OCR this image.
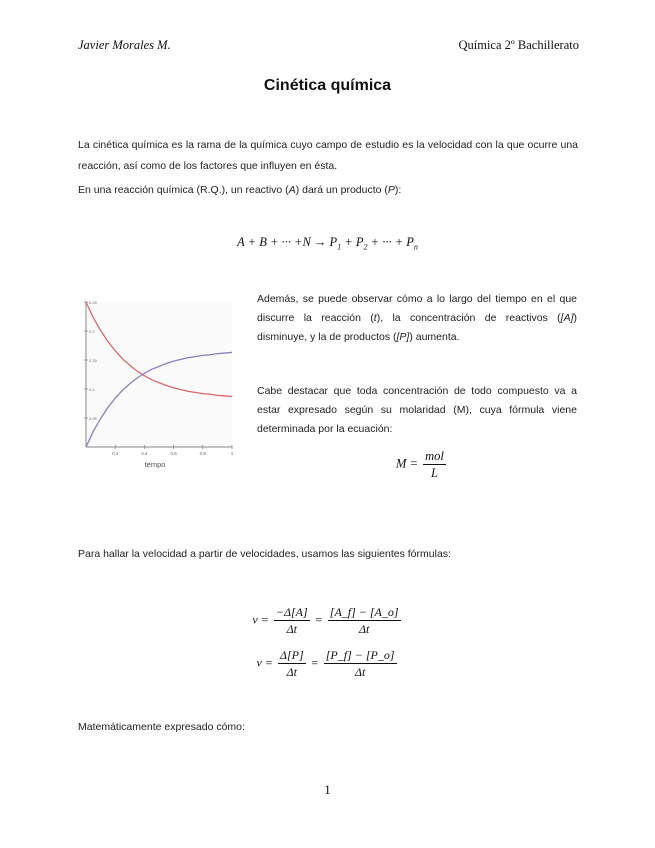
Javier Morales M.	Química 2º Bachillerato
Cinética química
La cinética química es la rama de la química cuyo campo de estudio es la velocidad con la que ocurre una reacción, así como de los factores que influyen en ésta.
En una reacción química (R.Q.), un reactivo (A) dará un producto (P):
A + B + ··· $+N \to P_1 + P_2$ + ··· + $P_n$
0.05
0.1
0.15
0.2
0.25
0.2	0.4	0.6	0.8	1
tempo
Además, se puede observar cómo a lo largo del tiempo en el que discurre la reacción (t), la concentración de reactivos ([A]) disminuye, y la de productos ([P]) aumenta.
Cabe destacar que toda concentración de todo compuesto va a estar expresado según su molaridad (M), cuya fórmula viene determinada por la ecuación:
$M = \frac{\text{mol}}{L}$
Para hallar la velocidad a partir de velocidades, usamos las siguientes fórmulas:
$v = \frac{-\Delta[A]}{\Delta t} = \frac{[A\_f] - [A\_o]}{\Delta t}$
$v = \frac{\Delta[P]}{\Delta t} = \frac{[P\_f] - [P\_o]}{\Delta t}$
Matemáticamente expresado cómo:
1
